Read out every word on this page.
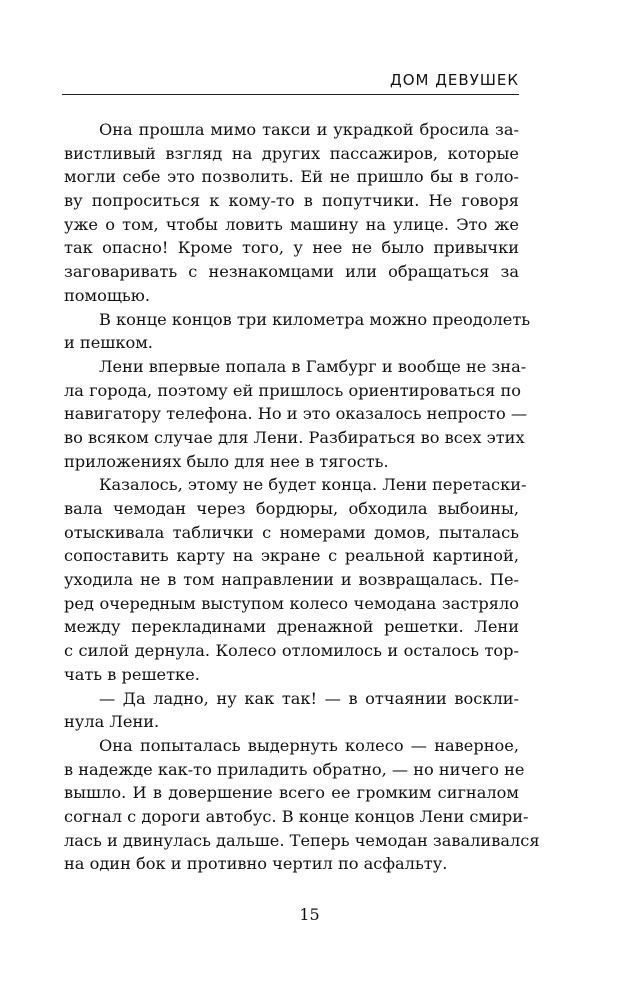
ДОМ ДЕВУШЕК
Она прошла мимо такси и украдкой бросила за-
вистливый взгляд на других пассажиров, которые
могли себе это позволить. Ей не пришло бы в голо-
ву попроситься к кому-то в попутчики. Не говоря
уже о том, чтобы ловить машину на улице. Это же
так опасно! Кроме того, у нее не было привычки
заговаривать с незнакомцами или обращаться за
помощью.
В конце концов три километра можно преодолеть
и пешком.
Лени впервые попала в Гамбург и вообще не зна-
ла города, поэтому ей пришлось ориентироваться по
навигатору телефона. Но и это оказалось непросто —
во всяком случае для Лени. Разбираться во всех этих
приложениях было для нее в тягость.
Казалось, этому не будет конца. Лени перетаски-
вала чемодан через бордюры, обходила выбоины,
отыскивала таблички с номерами домов, пыталась
сопоставить карту на экране с реальной картиной,
уходила не в том направлении и возвращалась. Пе-
ред очередным выступом колесо чемодана застряло
между перекладинами дренажной решетки. Лени
с силой дернула. Колесо отломилось и осталось тор-
чать в решетке.
— Да ладно, ну как так! — в отчаянии воскли-
нула Лени.
Она попыталась выдернуть колесо — наверное,
в надежде как-то приладить обратно, — но ничего не
вышло. И в довершение всего ее громким сигналом
согнал с дороги автобус. В конце концов Лени смири-
лась и двинулась дальше. Теперь чемодан заваливался
на один бок и противно чертил по асфальту.
15
